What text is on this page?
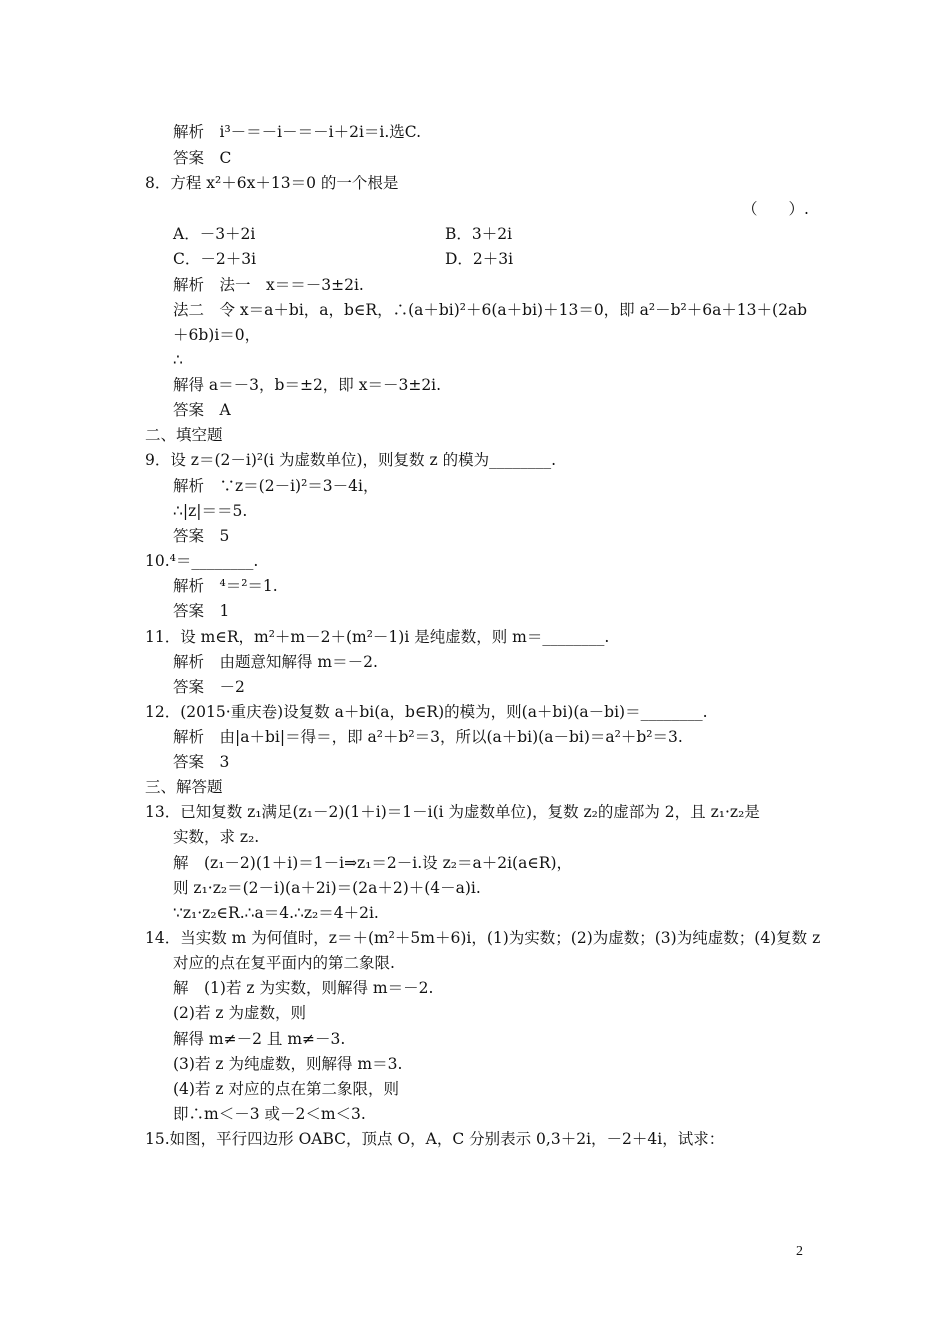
解析　i³－＝－i－＝－i＋2i＝i.选C.
答案　C
8．方程 x²＋6x＋13＝0 的一个根是
（　　）.
解析　法一　x＝＝－3±2i.
法二　令 x＝a＋bi，a，b∈R，∴(a＋bi)²＋6(a＋bi)＋13＝0，即 a²－b²＋6a＋13＋(2ab
＋6b)i＝0，
∴
解得 a＝－3，b＝±2，即 x＝－3±2i.
答案　A
二、填空题
9．设 z＝(2－i)²(i 为虚数单位)，则复数 z 的模为________.
解析　∵z＝(2－i)²＝3－4i，
∴|z|＝＝5.
答案　5
10.⁴＝________.
解析　⁴＝²＝1.
答案　1
11．设 m∈R，m²＋m－2＋(m²－1)i 是纯虚数，则 m＝________.
解析　由题意知解得 m＝－2.
答案　－2
12．(2015·重庆卷)设复数 a＋bi(a，b∈R)的模为，则(a＋bi)(a－bi)＝________.
解析　由|a＋bi|＝得＝，即 a²＋b²＝3，所以(a＋bi)(a－bi)＝a²＋b²＝3.
答案　3
三、解答题
13．已知复数 z₁满足(z₁－2)(1＋i)＝1－i(i 为虚数单位)，复数 z₂的虚部为 2，且 z₁·z₂是
实数，求 z₂.
解　(z₁－2)(1＋i)＝1－i⇒z₁＝2－i.设 z₂＝a＋2i(a∈R)，
则 z₁·z₂＝(2－i)(a＋2i)＝(2a＋2)＋(4－a)i.
∵z₁·z₂∈R.∴a＝4.∴z₂＝4＋2i.
14．当实数 m 为何值时，z＝＋(m²＋5m＋6)i，(1)为实数；(2)为虚数；(3)为纯虚数；(4)复数 z
对应的点在复平面内的第二象限.
解　(1)若 z 为实数，则解得 m＝－2.
(2)若 z 为虚数，则
解得 m≠－2 且 m≠－3.
(3)若 z 为纯虚数，则解得 m＝3.
(4)若 z 对应的点在第二象限，则
即∴m＜－3 或－2＜m＜3.
15.如图，平行四边形 OABC，顶点 O，A，C 分别表示 0,3＋2i，－2＋4i，试求：
A．－3＋2i	B．3＋2i
C．－2＋3i	D．2＋3i
2
